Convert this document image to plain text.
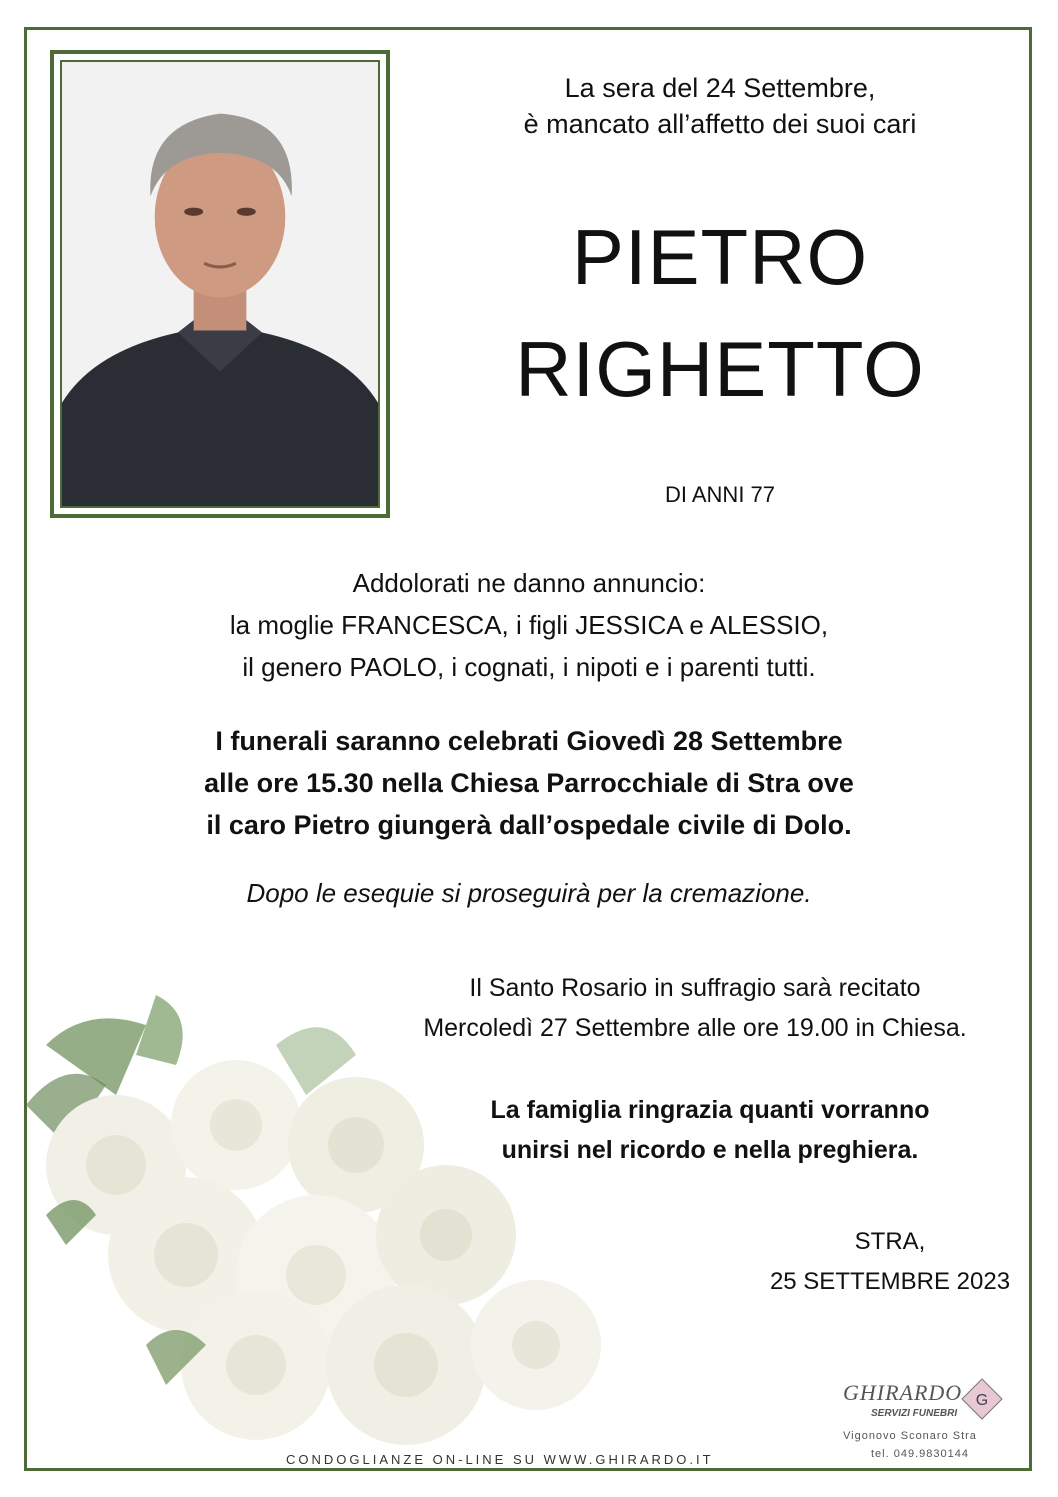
La sera del 24 Settembre,
è mancato all’affetto dei suoi cari
PIETRO
RIGHETTO
DI ANNI 77
Addolorati ne danno annuncio:
la moglie FRANCESCA, i figli JESSICA e ALESSIO,
il genero PAOLO, i cognati, i nipoti e i parenti tutti.
I funerali saranno celebrati Giovedì 28 Settembre
alle ore 15.30 nella Chiesa Parrocchiale di Stra ove
il caro Pietro giungerà dall’ospedale civile di Dolo.
Dopo le esequie si proseguirà per la cremazione.
Il Santo Rosario in suffragio sarà recitato
Mercoledì 27 Settembre alle ore 19.00 in Chiesa.
La famiglia ringrazia quanti vorranno
unirsi nel ricordo e nella preghiera.
STRA,
25 SETTEMBRE 2023
CONDOGLIANZE ON-LINE SU WWW.GHIRARDO.IT
GHIRARDO
SERVIZI FUNEBRI
G
Vigonovo Sconaro Stra
tel. 049.9830144
